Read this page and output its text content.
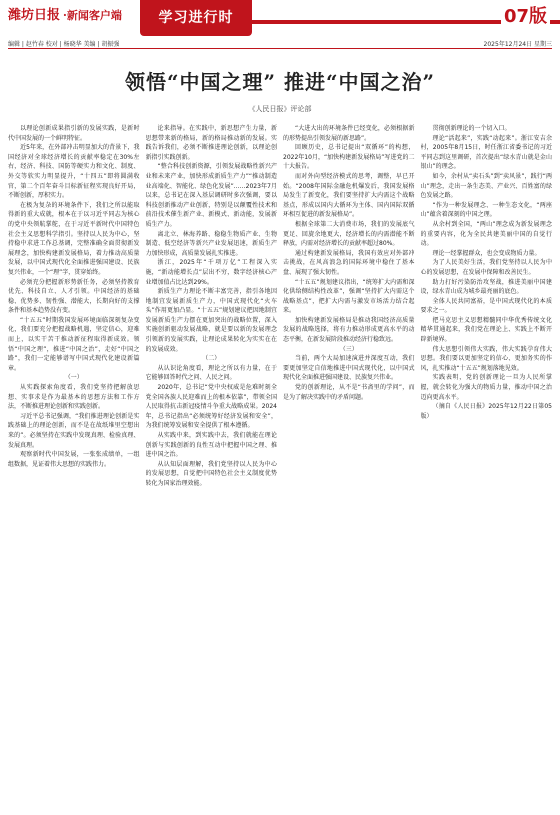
潍坊日报 ·新闻客户端	学习进行时	07版
编辑 | 赵竹春 校对 | 杨晓华 美编 | 胡振强	2025年12月24日 星期三
领悟“中国之理” 推进“中国之治”
《人民日报》评论部

以理论创新成果指引新的发展实践，是新时代中国发展的一个鲜明特征。

近5年来，在外部冲击明显加大的背景下，我国经济对全球经济增长的贡献率稳定在30%左右，经济、科技、国防等硬实力和文化、制度、外交等软实力明显提升，“十四五”即将圆满收官，第二个百年奋斗目标新征程实现良好开局，不断创新，厚积实力。

在极为复杂的环境条件下，我们之所以能取得新的重大成就，根本在于以习近平同志为核心的党中央领航掌舵，在于习近平新时代中国特色社会主义思想科学指引。坚持以人民为中心，坚持稳中求进工作总基调，完整准确全面贯彻新发展理念，加快构建新发展格局，着力推动高质量发展，以中国式现代化全面推进强国建设、民族复兴伟业，一个“理”字，贯穿始终。

必须充分把握新形势新任务，必须坚持教育优先、科技自立、人才引领。中国经济的基础稳、优势多、韧性强、潜能大，长期向好的支撑条件和基本趋势没有变。

“十五五”时期我国发展环境面临深刻复杂变化，我们要充分把握战略机遇，坚定信心，迎难而上，以实干苦干推动新征程取得新成效。领悟“中国之理”，推进“中国之治”，走好“中国之路”，我们一定能够谱写中国式现代化建设新篇章。

（一）

从实践探索角度看，我们党坚持把解放思想、实事求是作为最基本的思想方法和工作方法，不断推进理论创新和实践创新。

习近平总书记强调，“我们推进理论创新是实践基础上的理论创新，而不是在故纸堆里空想出来的”。必须坚持在实践中发现真理、检验真理、发展真理。

观察新时代中国发展，一张张成绩单，一组组数据，见证着伟大思想的实践伟力。

论来指导。在实践中，新思想产生力量，新思想带来新的格局，新的格局推动新的发展。实践告诉我们，必须不断推进理论创新，以理论创新指引实践创新。

“整合科技创新资源，引领发展战略性新兴产业和未来产业，加快形成新质生产力”“推动制造业高端化、智能化、绿色化发展”……2023年7月以来，总书记在深入基层调研时多次强调，要以科技创新推动产业创新，特别是以颠覆性技术和前沿技术催生新产业、新模式、新动能，发展新质生产力。

离北立、林海养路、稳稳生物质产业、生物制造、低空经济等新兴产业发展迅速，新质生产力加快形成，高质量发展扎实推进。

浙江，2025年“千项万亿”工程深入实施，“新动能增长点”层出不穷，数字经济核心产业增加值占比达到29%。

新质生产力理论不断丰富完善，指引各地因地制宜发展新质生产力，中国式现代化“火车头”作用更加凸显。“十五五”规划建议把因地制宜发展新质生产力摆在更加突出的战略位置，深入实施创新驱动发展战略，就是要以新的发展理念引领新的发展实践，让理论成果转化为实实在在的发展成效。

（二）

从认识论角度看，理论之所以有力量，在于它能够回答时代之问、人民之问。

2020年，总书记“党中央权威是危难时刻全党全国各族人民迎难而上的根本依靠”，带领全国人民取得抗击新冠疫情斗争重大战略成果。2024年，总书记指出“必须统筹好经济发展和安全”，为我们统筹发展和安全提供了根本遵循。

从实践中来，到实践中去，我们就能在理论创新与实践创新的良性互动中把握中国之理、推进中国之治。

从认知层面理解，我们党坚持以人民为中心的发展思想，自觉把中国特色社会主义制度优势转化为国家治理效能。

“大进大出的环境条件已经变化，必须根据新的形势提出引领发展的新思路”。

回顾历史，总书记提出“双循环”的构想，2022年10月，“加快构建新发展格局”写进党的二十大报告。

而对外向型经济模式的思考，调整，早已开始。“2008年国际金融危机爆发后，我国发展格局发生了新变化，我们要坚持扩大内需这个战略基点，形成以国内大循环为主体、国内国际双循环相互促进的新发展格局”。

根据全球第二大消费市场，我们的发展底气更足、回旋余地更大，经济增长的内需潜能不断释放，内需对经济增长的贡献率超过80%。

通过构建新发展格局，我国有效应对外部冲击挑战，在风高浪急的国际环境中稳住了基本盘、展现了强大韧性。

“十五五”规划建议指出，“统筹扩大内需和深化供给侧结构性改革”，强调“坚持扩大内需这个战略基点”，把扩大内需与激发市场活力结合起来。

加快构建新发展格局是推动我国经济高质量发展的战略选择，将有力推动形成更高水平的动态平衡，在新发展阶段推动经济行稳致远。

（三）

当前，两个大局加速演进并深度互动，我们要更加坚定自信地推进中国式现代化，以中国式现代化全面推进强国建设、民族复兴伟业。

党的创新理论，从不是“书斋里的学问”，而是为了解决实践中的矛盾问题。

贯彻创新理论的一个切入口。

理论“活起来”，实践“动起来”。浙江安吉余村，2005年8月15日，时任浙江省委书记的习近平同志到这里调研，首次提出“绿水青山就是金山银山”的理念。

如今，余村从“卖石头”到“卖风景”，践行“两山”理念，走出一条生态美、产业兴、百姓富的绿色发展之路。

“作为一种发展理念、一种生态文化，“两座山”蕴含着深刻的中国之理。

从余村到全国，“两山”理念成为新发展理念的重要内容，化为全民共建美丽中国的自觉行动。

理论一经掌握群众，也会变成物质力量。

为了人民美好生活，我们党坚持以人民为中心的发展思想，在发展中保障和改善民生。

助力打好污染防治攻坚战，推进美丽中国建设，绿水青山成为城乡最亮丽的底色。

全体人民共同富裕，是中国式现代化的本质要求之一。

把马克思主义思想精髓同中华优秀传统文化精华贯通起来，我们党在理论上、实践上不断开辟新境界。

伟大思想引领伟大实践，伟大实践孕育伟大思想。我们要以更加坚定的信心、更加务实的作风，扎实推动“十五五”规划落地见效。

实践表明，党的创新理论一旦为人民所掌握，就会转化为强大的物质力量，推动中国之治迈向更高水平。

（摘自《人民日报》2025年12月22日第05版）
